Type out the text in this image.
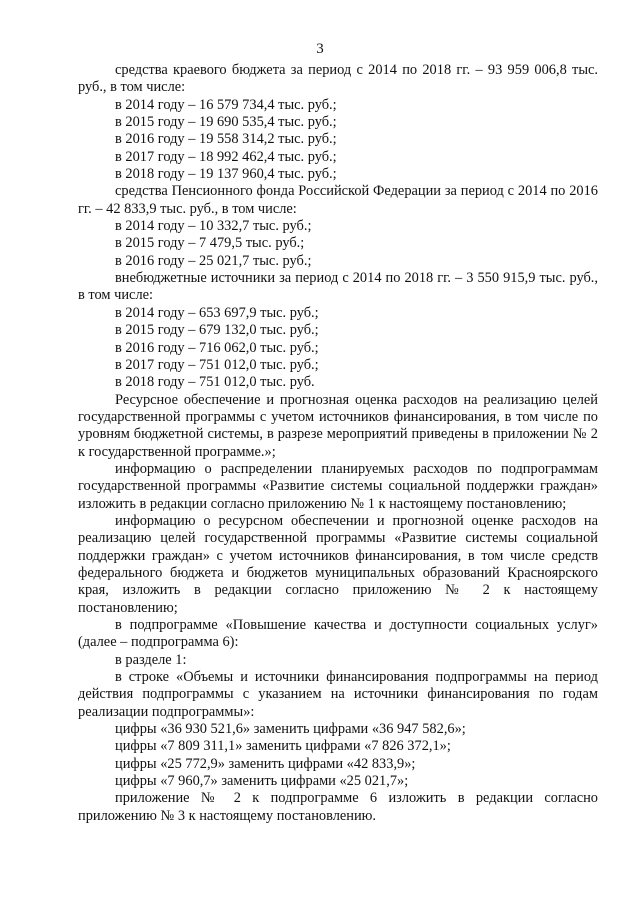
3

средства краевого бюджета за период с 2014 по 2018 гг. – 93 959 006,8 тыс. руб., в том числе:

в 2014 году – 16 579 734,4 тыс. руб.;

в 2015 году – 19 690 535,4 тыс. руб.;

в 2016 году – 19 558 314,2 тыс. руб.;

в 2017 году – 18 992 462,4 тыс. руб.;

в 2018 году – 19 137 960,4 тыс. руб.;

средства Пенсионного фонда Российской Федерации за период с 2014 по 2016 гг. – 42 833,9 тыс. руб., в том числе:

в 2014 году – 10 332,7 тыс. руб.;

в 2015 году – 7 479,5 тыс. руб.;

в 2016 году – 25 021,7 тыс. руб.;

внебюджетные источники за период с 2014 по 2018 гг. – 3 550 915,9 тыс. руб., в том числе:

в 2014 году – 653 697,9 тыс. руб.;

в 2015 году – 679 132,0 тыс. руб.;

в 2016 году – 716 062,0 тыс. руб.;

в 2017 году – 751 012,0 тыс. руб.;

в 2018 году – 751 012,0 тыс. руб.

Ресурсное обеспечение и прогнозная оценка расходов на реализацию целей государственной программы с учетом источников финансирования, в том числе по уровням бюджетной системы, в разрезе мероприятий приведены в приложении № 2 к государственной программе.»;

информацию о распределении планируемых расходов по подпрограммам государственной программы «Развитие системы социальной поддержки граждан» изложить в редакции согласно приложению № 1 к настоящему постановлению;

информацию о ресурсном обеспечении и прогнозной оценке расходов на реализацию целей государственной программы «Развитие системы социальной поддержки граждан» с учетом источников финансирования, в том числе средств федерального бюджета и бюджетов муниципальных образований Красноярского края, изложить в редакции согласно приложению № 2 к настоящему постановлению;

в подпрограмме «Повышение качества и доступности социальных услуг» (далее – подпрограмма 6):

в разделе 1:

в строке «Объемы и источники финансирования подпрограммы на период действия подпрограммы с указанием на источники финансирования по годам реализации подпрограммы»:

цифры «36 930 521,6» заменить цифрами «36 947 582,6»;

цифры «7 809 311,1» заменить цифрами «7 826 372,1»;

цифры «25 772,9» заменить цифрами «42 833,9»;

цифры «7 960,7» заменить цифрами «25 021,7»;

приложение № 2 к подпрограмме 6 изложить в редакции согласно приложению № 3 к настоящему постановлению.
